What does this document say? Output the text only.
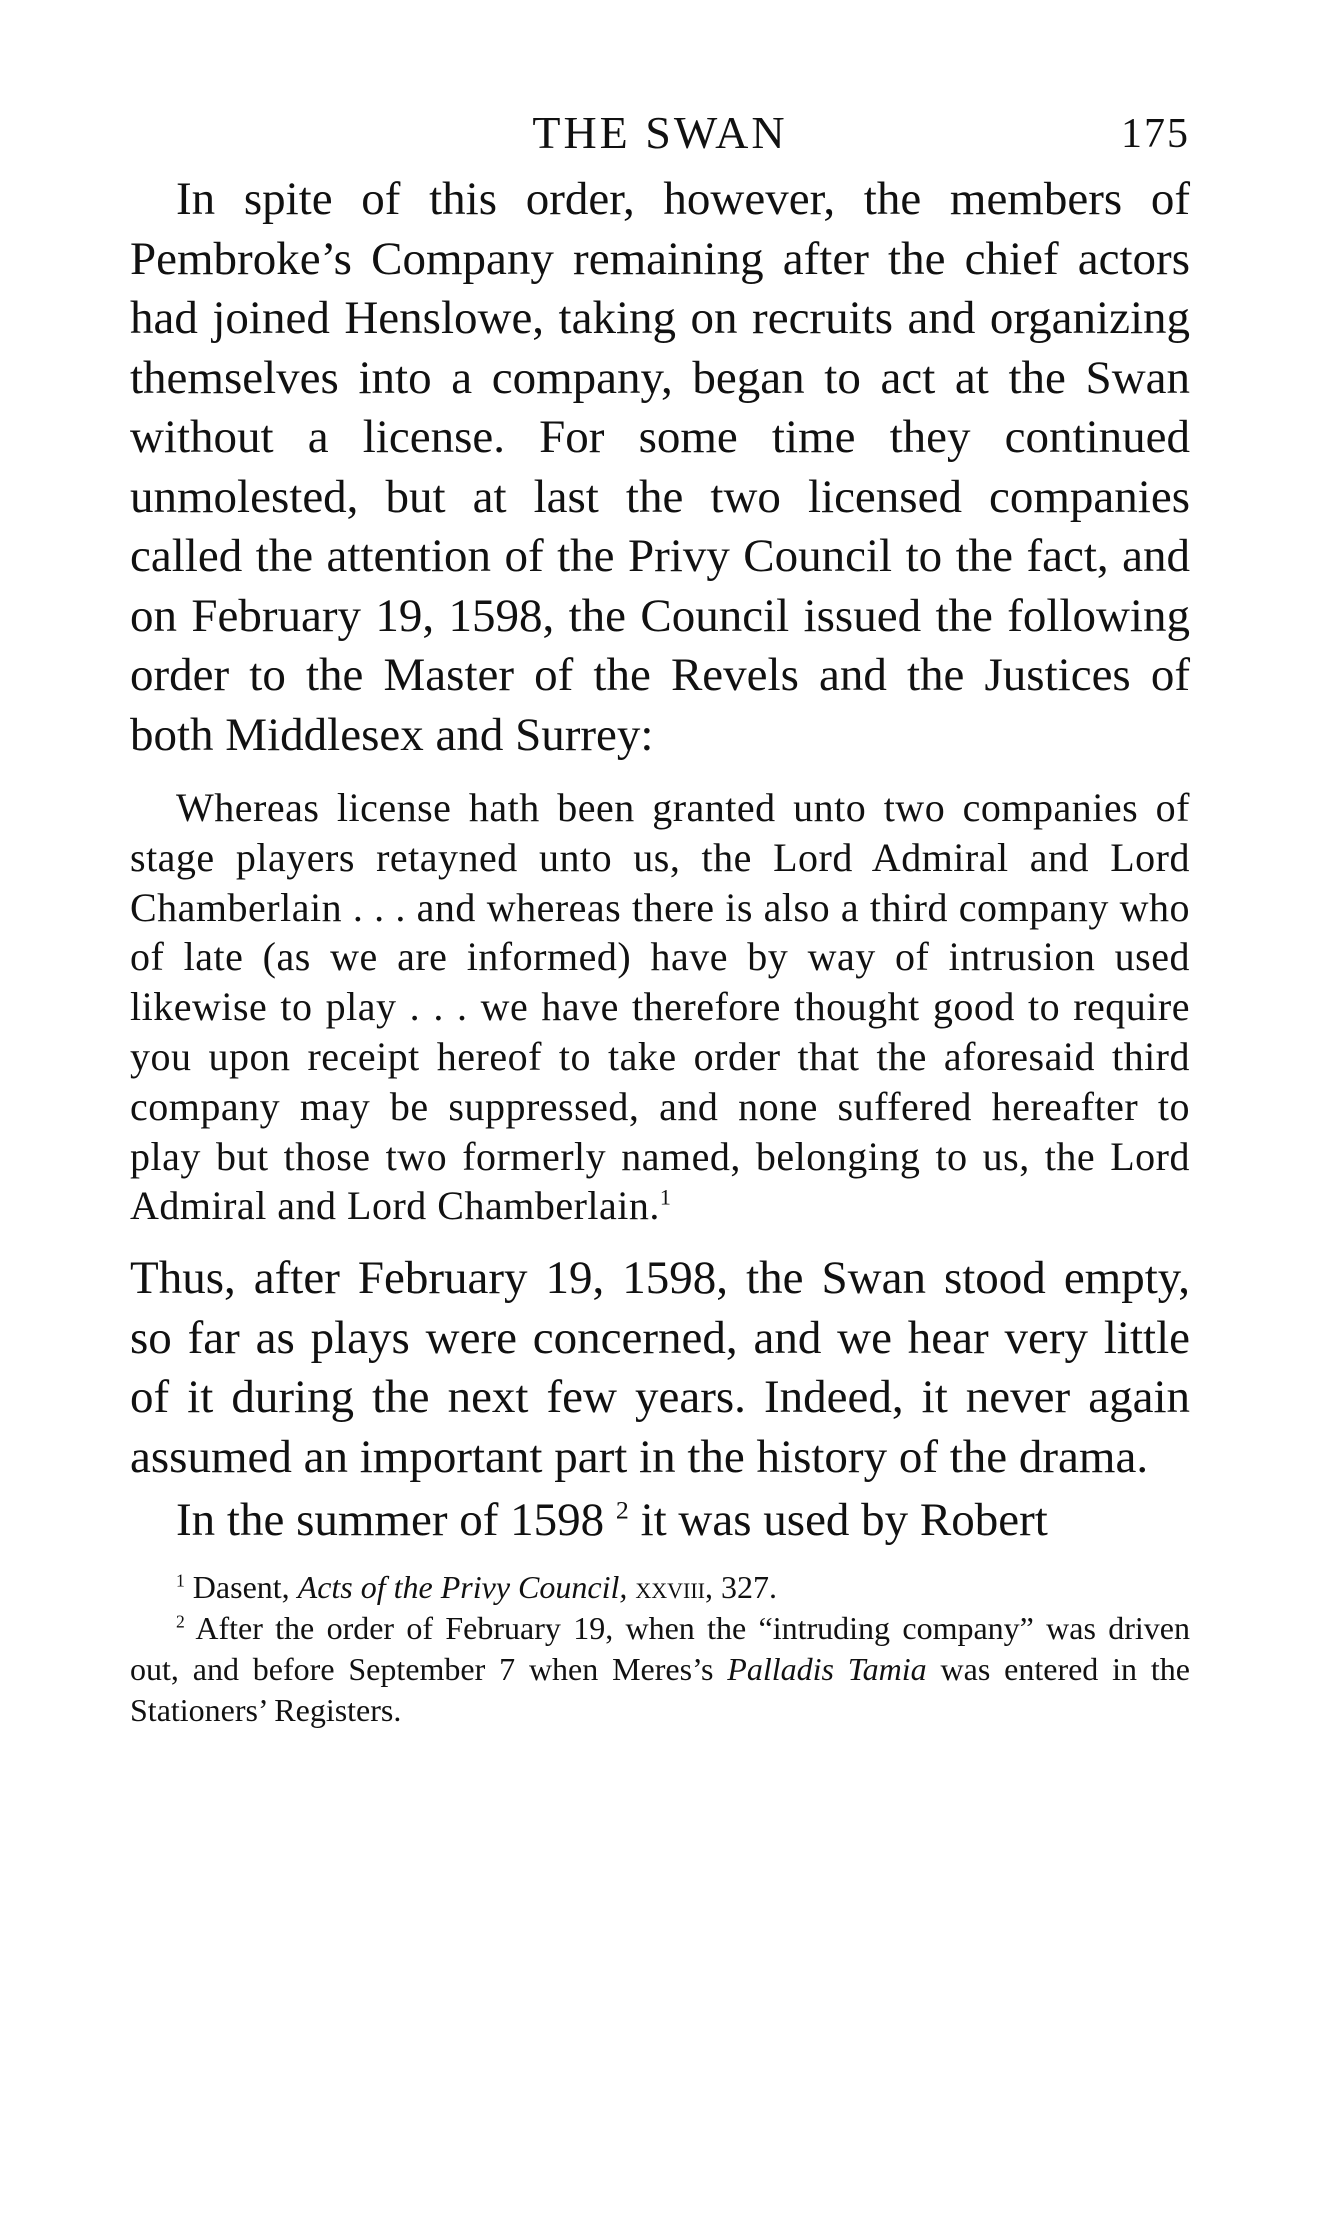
THE SWAN	175

In spite of this order, however, the members of Pembroke’s Company remaining after the chief actors had joined Henslowe, taking on recruits and organizing themselves into a company, began to act at the Swan without a license. For some time they continued unmolested, but at last the two licensed companies called the attention of the Privy Council to the fact, and on February 19, 1598, the Council issued the following order to the Master of the Revels and the Justices of both Middlesex and Surrey:

Whereas license hath been granted unto two companies of stage players retayned unto us, the Lord Admiral and Lord Chamberlain . . . and whereas there is also a third company who of late (as we are informed) have by way of intrusion used likewise to play . . . we have therefore thought good to require you upon receipt hereof to take order that the aforesaid third company may be suppressed, and none suffered hereafter to play but those two formerly named, belonging to us, the Lord Admiral and Lord Chamberlain.$^1$

Thus, after February 19, 1598, the Swan stood empty, so far as plays were concerned, and we hear very little of it during the next few years. Indeed, it never again assumed an important part in the history of the drama.

In the summer of 1598 $^2$ it was used by Robert

$^1$ Dasent, Acts of the Privy Council, xxviii, 327.

$^2$ After the order of February 19, when the “intruding company” was driven out, and before September 7 when Meres’s Palladis Tamia was entered in the Stationers’ Registers.
